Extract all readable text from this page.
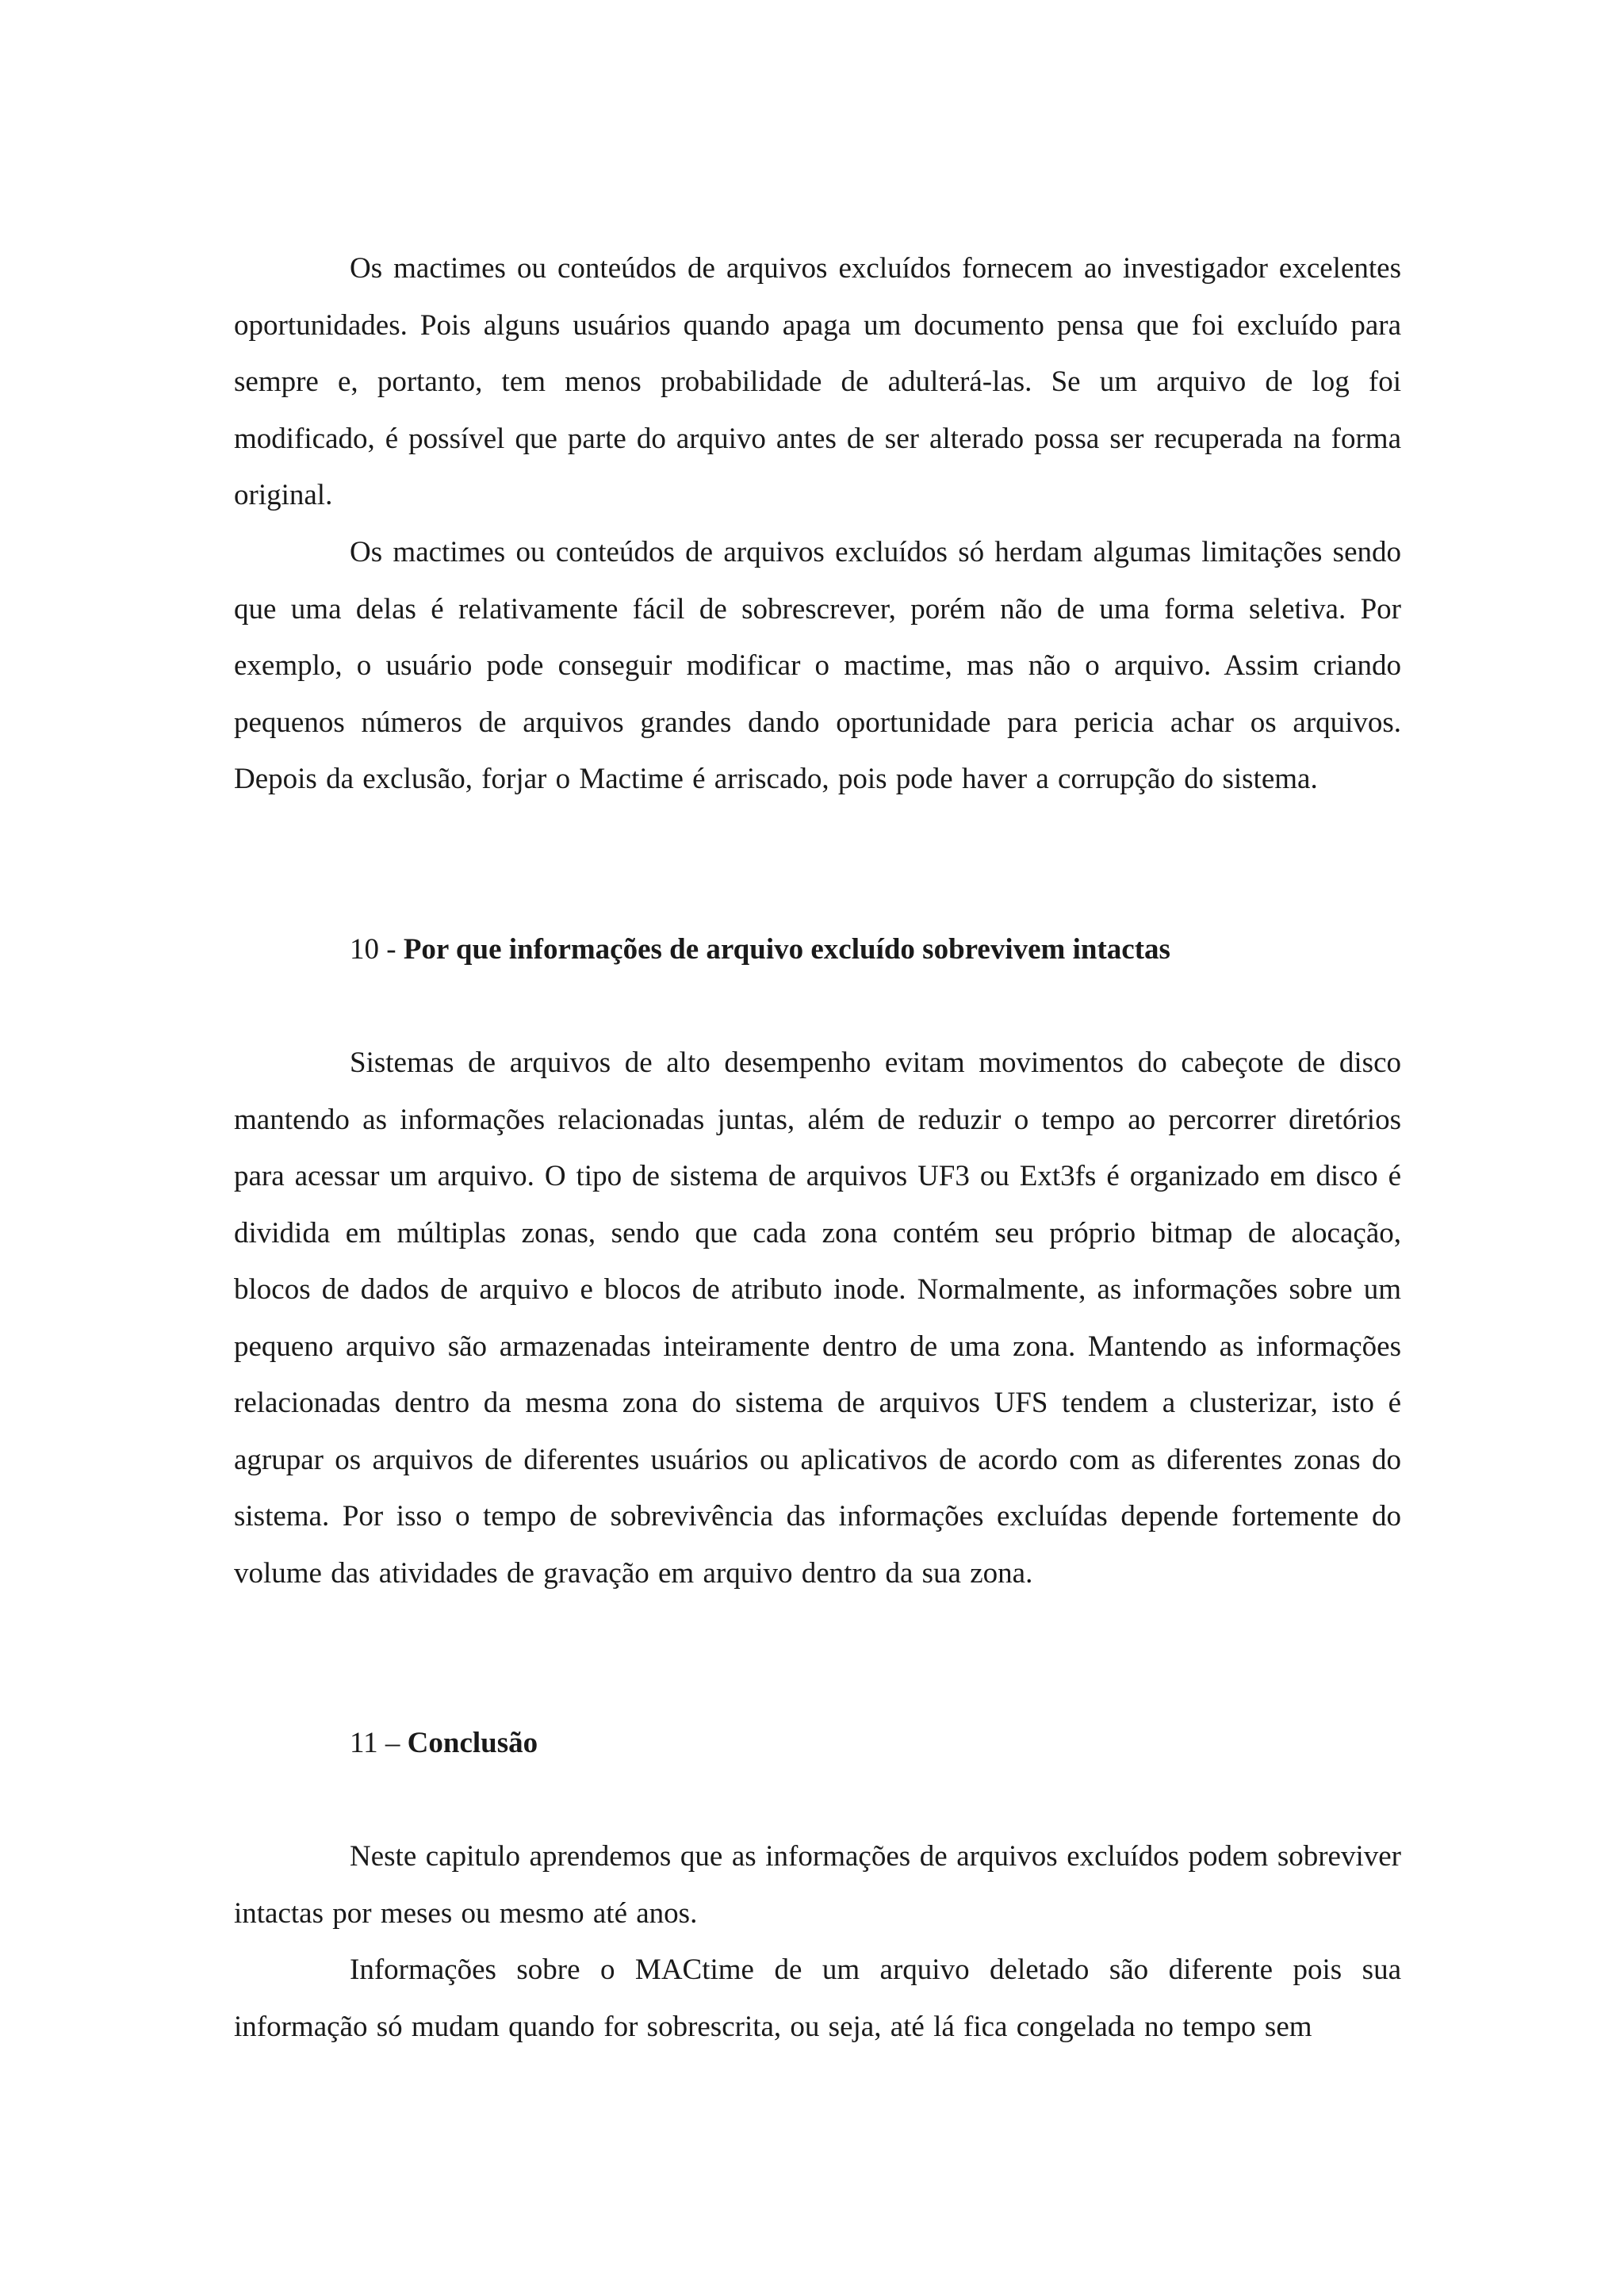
Os mactimes ou conteúdos de arquivos excluídos fornecem ao investigador excelentes oportunidades. Pois alguns usuários quando apaga um documento pensa que foi excluído para sempre e, portanto, tem menos probabilidade de adulterá-las. Se um arquivo de log foi modificado, é possível que parte do arquivo antes de ser alterado possa ser recuperada na forma original.

Os mactimes ou conteúdos de arquivos excluídos só herdam algumas limitações sendo que uma delas é relativamente fácil de sobrescrever, porém não de uma forma seletiva. Por exemplo, o usuário pode conseguir modificar o mactime, mas não o arquivo. Assim criando pequenos números de arquivos grandes dando oportunidade para pericia achar os arquivos. Depois da exclusão, forjar o Mactime é arriscado, pois pode haver a corrupção do sistema.

10 - Por que informações de arquivo excluído sobrevivem intactas

Sistemas de arquivos de alto desempenho evitam movimentos do cabeçote de disco mantendo as informações relacionadas juntas, além de reduzir o tempo ao percorrer diretórios para acessar um arquivo. O tipo de sistema de arquivos UF3 ou Ext3fs é organizado em disco é dividida em múltiplas zonas, sendo que cada zona contém seu próprio bitmap de alocação, blocos de dados de arquivo e blocos de atributo inode. Normalmente, as informações sobre um pequeno arquivo são armazenadas inteiramente dentro de uma zona. Mantendo as informações relacionadas dentro da mesma zona do sistema de arquivos UFS tendem a clusterizar, isto é agrupar os arquivos de diferentes usuários ou aplicativos de acordo com as diferentes zonas do sistema. Por isso o tempo de sobrevivência das informações excluídas depende fortemente do volume das atividades de gravação em arquivo dentro da sua zona.

11 – Conclusão

Neste capitulo aprendemos que as informações de arquivos excluídos podem sobreviver intactas por meses ou mesmo até anos.

Informações sobre o MACtime de um arquivo deletado são diferente pois sua informação só mudam quando for sobrescrita, ou seja, até lá fica congelada no tempo sem
